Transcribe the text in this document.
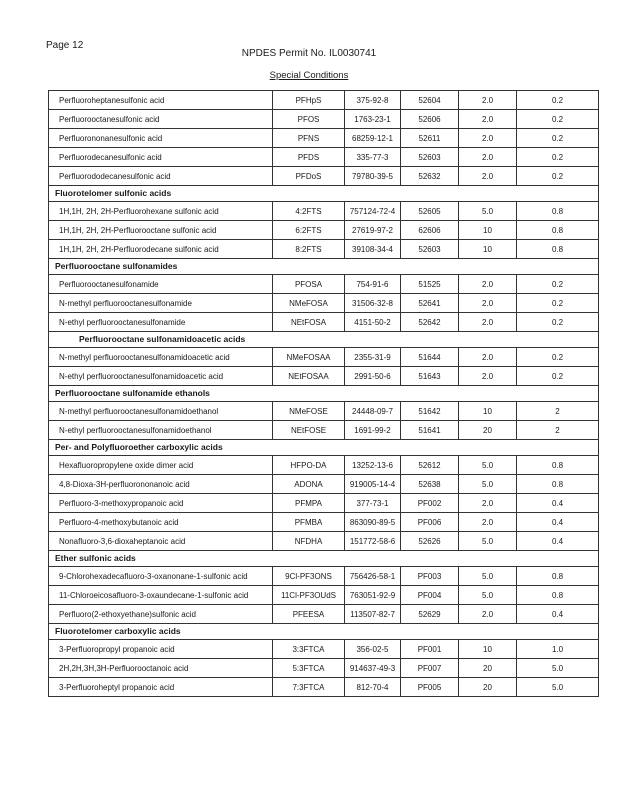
Page 12
NPDES Permit No. IL0030741
Special Conditions
Perfluoroheptanesulfonic acid	PFHpS	375-92-8	52604	2.0	0.2
Perfluorooctanesulfonic acid	PFOS	1763-23-1	52606	2.0	0.2
Perfluorononanesulfonic acid	PFNS	68259-12-1	52611	2.0	0.2
Perfluorodecanesulfonic acid	PFDS	335-77-3	52603	2.0	0.2
Perfluorododecanesulfonic acid	PFDoS	79780-39-5	52632	2.0	0.2
Fluorotelomer sulfonic acids					
1H,1H, 2H, 2H-Perfluorohexane sulfonic acid	4:2FTS	757124-72-4	52605	5.0	0.8
1H,1H, 2H, 2H-Perfluorooctane sulfonic acid	6:2FTS	27619-97-2	62606	10	0.8
1H,1H, 2H, 2H-Perfluorodecane sulfonic acid	8:2FTS	39108-34-4	52603	10	0.8
Perfluorooctane sulfonamides					
Perfluorooctanesulfonamide	PFOSA	754-91-6	51525	2.0	0.2
N-methyl perfluorooctanesulfonamide	NMeFOSA	31506-32-8	52641	2.0	0.2
N-ethyl perfluorooctanesulfonamide	NEtFOSA	4151-50-2	52642	2.0	0.2
Perfluorooctane sulfonamidoacetic acids					
N-methyl perfluorooctanesulfonamidoacetic acid	NMeFOSAA	2355-31-9	51644	2.0	0.2
N-ethyl perfluorooctanesulfonamidoacetic acid	NEtFOSAA	2991-50-6	51643	2.0	0.2
Perfluorooctane sulfonamide ethanols					
N-methyl perfluorooctanesulfonamidoethanol	NMeFOSE	24448-09-7	51642	10	2
N-ethyl perfluorooctanesulfonamidoethanol	NEtFOSE	1691-99-2	51641	20	2
Per- and Polyfluoroether carboxylic acids					
Hexafluoropropylene oxide dimer acid	HFPO-DA	13252-13-6	52612	5.0	0.8
4,8-Dioxa-3H-perfluorononanoic acid	ADONA	919005-14-4	52638	5.0	0.8
Perfluoro-3-methoxypropanoic acid	PFMPA	377-73-1	PF002	2.0	0.4
Perfluoro-4-methoxybutanoic acid	PFMBA	863090-89-5	PF006	2.0	0.4
Nonafluoro-3,6-dioxaheptanoic acid	NFDHA	151772-58-6	52626	5.0	0.4
Ether sulfonic acids					
9-Chlorohexadecafluoro-3-oxanonane-1-sulfonic acid	9Cl-PF3ONS	756426-58-1	PF003	5.0	0.8
11-Chloroeicosafluoro-3-oxaundecane-1-sulfonic acid	11Cl-PF3OUdS	763051-92-9	PF004	5.0	0.8
Perfluoro(2-ethoxyethane)sulfonic acid	PFEESA	113507-82-7	52629	2.0	0.4
Fluorotelomer carboxylic acids					
3-Perfluoropropyl propanoic acid	3:3FTCA	356-02-5	PF001	10	1.0
2H,2H,3H,3H-Perfluorooctanoic acid	5:3FTCA	914637-49-3	PF007	20	5.0
3-Perfluoroheptyl propanoic acid	7:3FTCA	812-70-4	PF005	20	5.0
